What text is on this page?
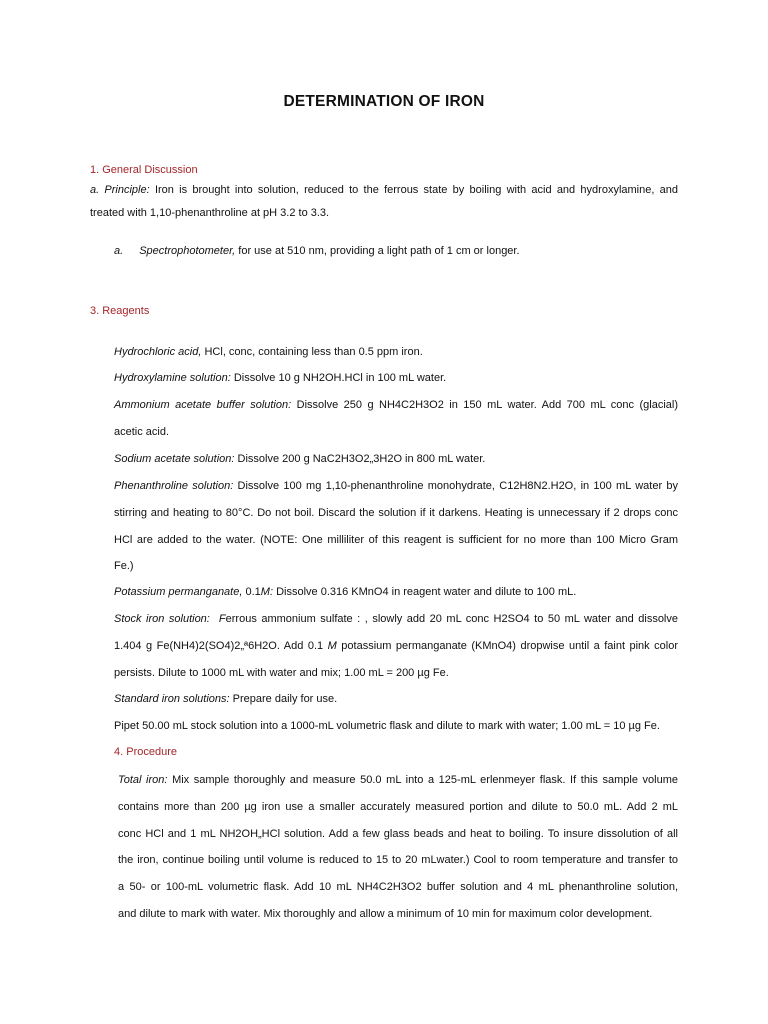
DETERMINATION OF IRON
1. General Discussion
a. Principle: Iron is brought into solution, reduced to the ferrous state by boiling with acid and hydroxylamine, and
treated with 1,10-phenanthroline at pH 3.2 to 3.3.
a. Spectrophotometer, for use at 510 nm, providing a light path of 1 cm or longer.
3. Reagents
Hydrochloric acid, HCl, conc, containing less than 0.5 ppm iron.
Hydroxylamine solution: Dissolve 10 g NH2OH.HCl in 100 mL water.
Ammonium acetate buffer solution: Dissolve 250 g NH4C2H3O2 in 150 mL water. Add 700 mL conc (glacial)
acetic acid.
Sodium acetate solution: Dissolve 200 g NaC2H3O2„3H2O in 800 mL water.
Phenanthroline solution: Dissolve 100 mg 1,10-phenanthroline monohydrate, C12H8N2.H2O, in 100 mL water by
stirring and heating to 80°C. Do not boil. Discard the solution if it darkens. Heating is unnecessary if 2 drops conc
HCl are added to the water. (NOTE: One milliliter of this reagent is sufficient for no more than 100 Micro Gram
Fe.)
Potassium permanganate, 0.1M: Dissolve 0.316 KMnO4 in reagent water and dilute to 100 mL.
Stock iron solution: Ferrous ammonium sulfate : , slowly add 20 mL conc H2SO4 to 50 mL water and dissolve
1.404 g Fe(NH4)2(SO4)2„ª6H2O. Add 0.1 M potassium permanganate (KMnO4) dropwise until a faint pink color
persists. Dilute to 1000 mL with water and mix; 1.00 mL = 200 µg Fe.
Standard iron solutions: Prepare daily for use.
Pipet 50.00 mL stock solution into a 1000-mL volumetric flask and dilute to mark with water; 1.00 mL = 10 µg Fe.
4. Procedure
Total iron: Mix sample thoroughly and measure 50.0 mL into a 125-mL erlenmeyer flask. If this sample volume
contains more than 200 µg iron use a smaller accurately measured portion and dilute to 50.0 mL. Add 2 mL
conc HCl and 1 mL NH2OH„HCl solution. Add a few glass beads and heat to boiling. To insure dissolution of all
the iron, continue boiling until volume is reduced to 15 to 20 mLwater.) Cool to room temperature and transfer to
a 50- or 100-mL volumetric flask. Add 10 mL NH4C2H3O2 buffer solution and 4 mL phenanthroline solution,
and dilute to mark with water. Mix thoroughly and allow a minimum of 10 min for maximum color development.
